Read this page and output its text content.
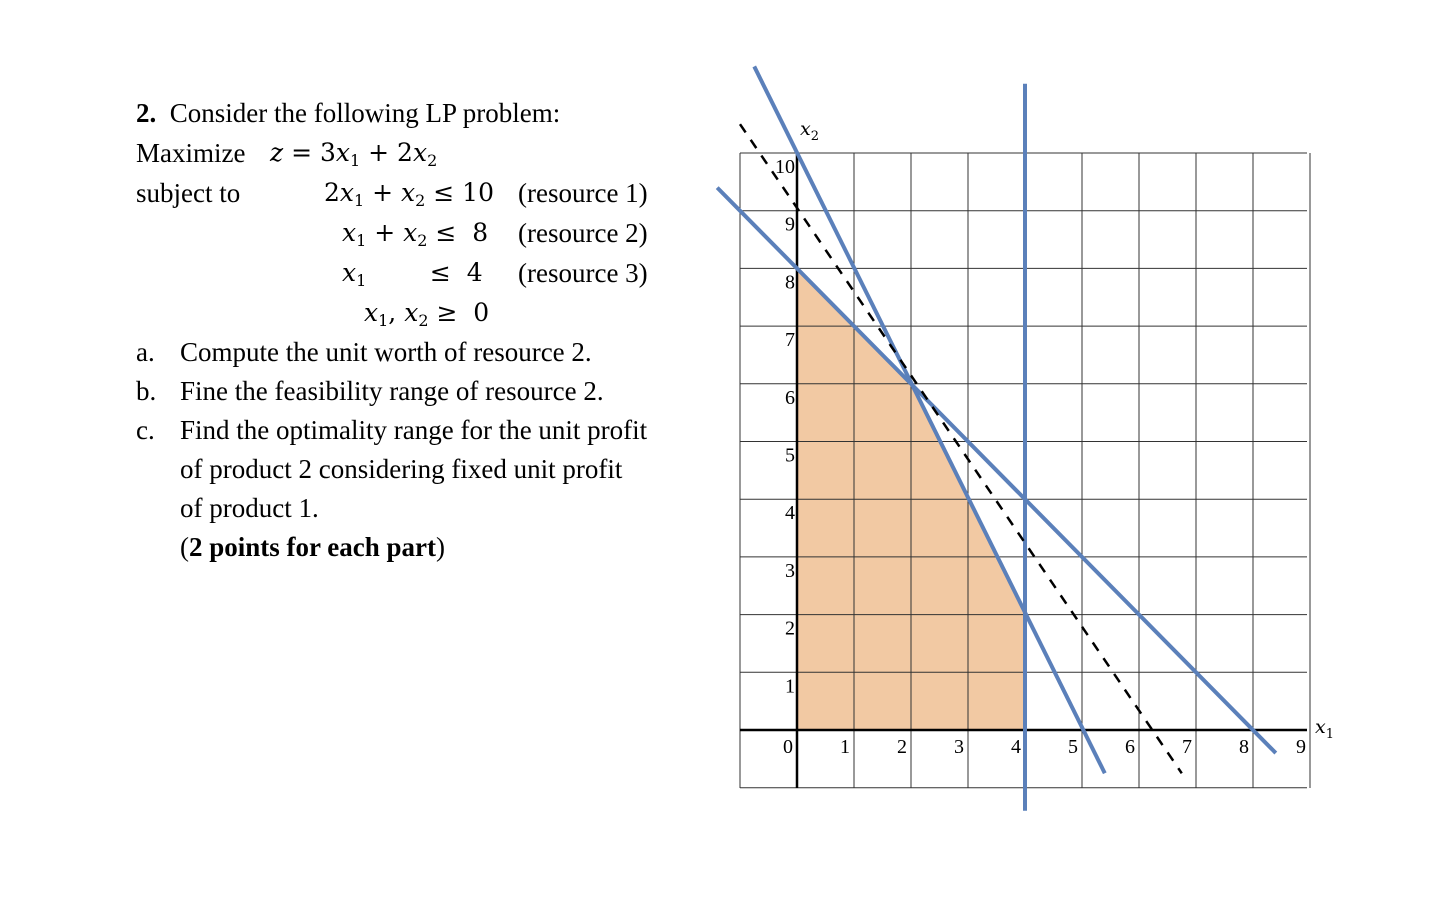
2. Consider the following LP problem:
Maximize $z = 3x_1 + 2x_2$
subject to	$2x_1 + x_2 \le 10$ (resource 1)
$x_1 + x_2 \le 8$ (resource 2)
$x_1$        ≤  4 (resource 3)
$x_1$, $x_2 \ge 0$
a. Compute the unit worth of resource 2.
b. Fine the feasibility range of resource 2.
c. Find the optimality range for the unit profit
of product 2 considering fixed unit profit
of product 1.
(2 points for each part)
0 1 2 3 4 5 6 7 8 9
1
2
3
4
5
6
7
8
9
10
$x_1$
$x_2$
